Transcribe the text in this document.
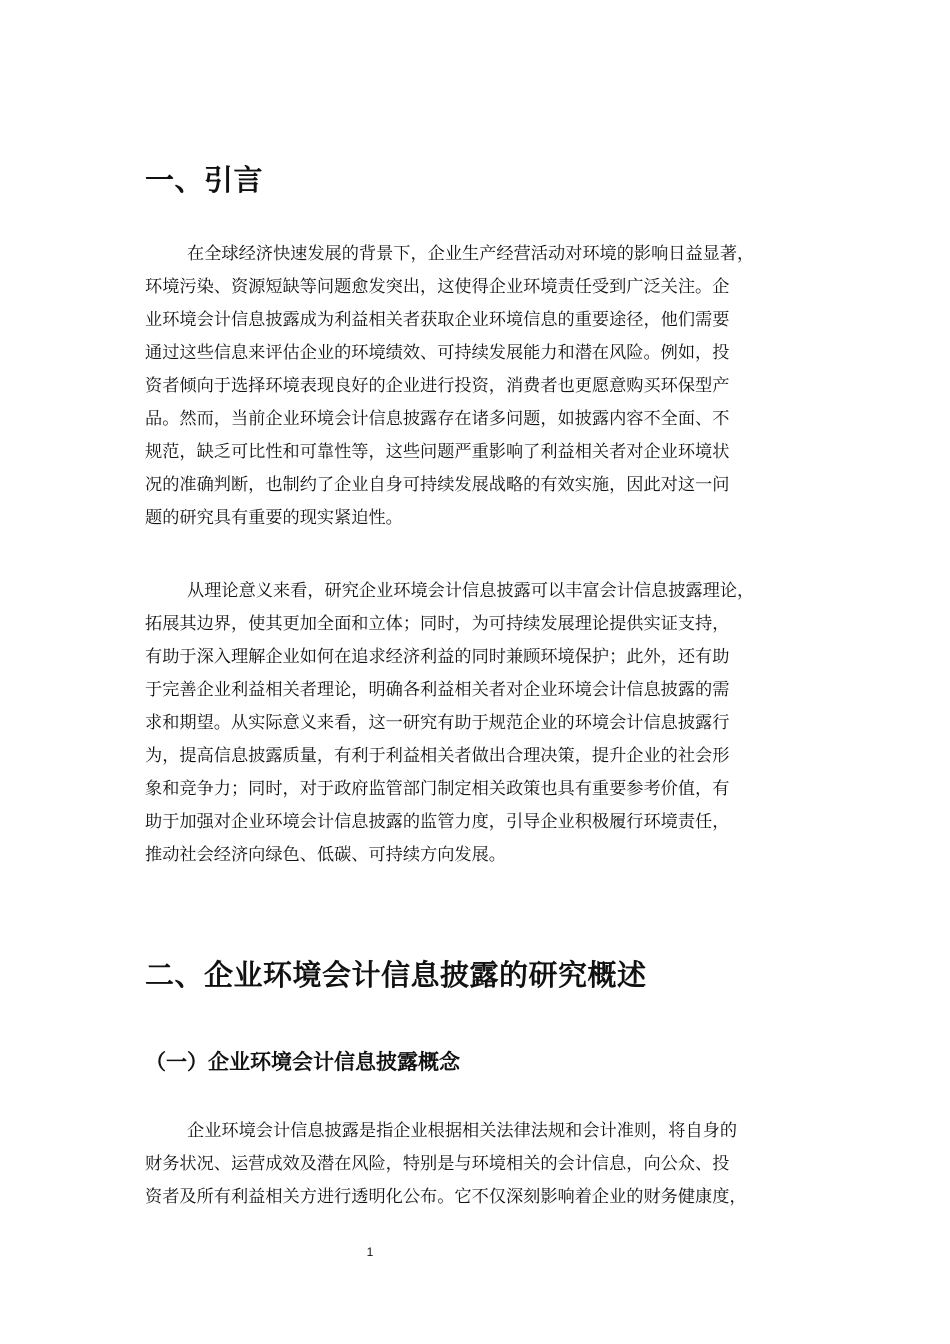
一、引言
在全球经济快速发展的背景下，企业生产经营活动对环境的影响日益显著，
环境污染、资源短缺等问题愈发突出，这使得企业环境责任受到广泛关注。企
业环境会计信息披露成为利益相关者获取企业环境信息的重要途径，他们需要
通过这些信息来评估企业的环境绩效、可持续发展能力和潜在风险。例如，投
资者倾向于选择环境表现良好的企业进行投资，消费者也更愿意购买环保型产
品。然而，当前企业环境会计信息披露存在诸多问题，如披露内容不全面、不
规范，缺乏可比性和可靠性等，这些问题严重影响了利益相关者对企业环境状
况的准确判断，也制约了企业自身可持续发展战略的有效实施，因此对这一问
题的研究具有重要的现实紧迫性。
从理论意义来看，研究企业环境会计信息披露可以丰富会计信息披露理论，
拓展其边界，使其更加全面和立体；同时，为可持续发展理论提供实证支持，
有助于深入理解企业如何在追求经济利益的同时兼顾环境保护；此外，还有助
于完善企业利益相关者理论，明确各利益相关者对企业环境会计信息披露的需
求和期望。从实际意义来看，这一研究有助于规范企业的环境会计信息披露行
为，提高信息披露质量，有利于利益相关者做出合理决策，提升企业的社会形
象和竞争力；同时，对于政府监管部门制定相关政策也具有重要参考价值，有
助于加强对企业环境会计信息披露的监管力度，引导企业积极履行环境责任，
推动社会经济向绿色、低碳、可持续方向发展。
二、企业环境会计信息披露的研究概述
（一）企业环境会计信息披露概念
企业环境会计信息披露是指企业根据相关法律法规和会计准则，将自身的
财务状况、运营成效及潜在风险，特别是与环境相关的会计信息，向公众、投
资者及所有利益相关方进行透明化公布。它不仅深刻影响着企业的财务健康度，
1
